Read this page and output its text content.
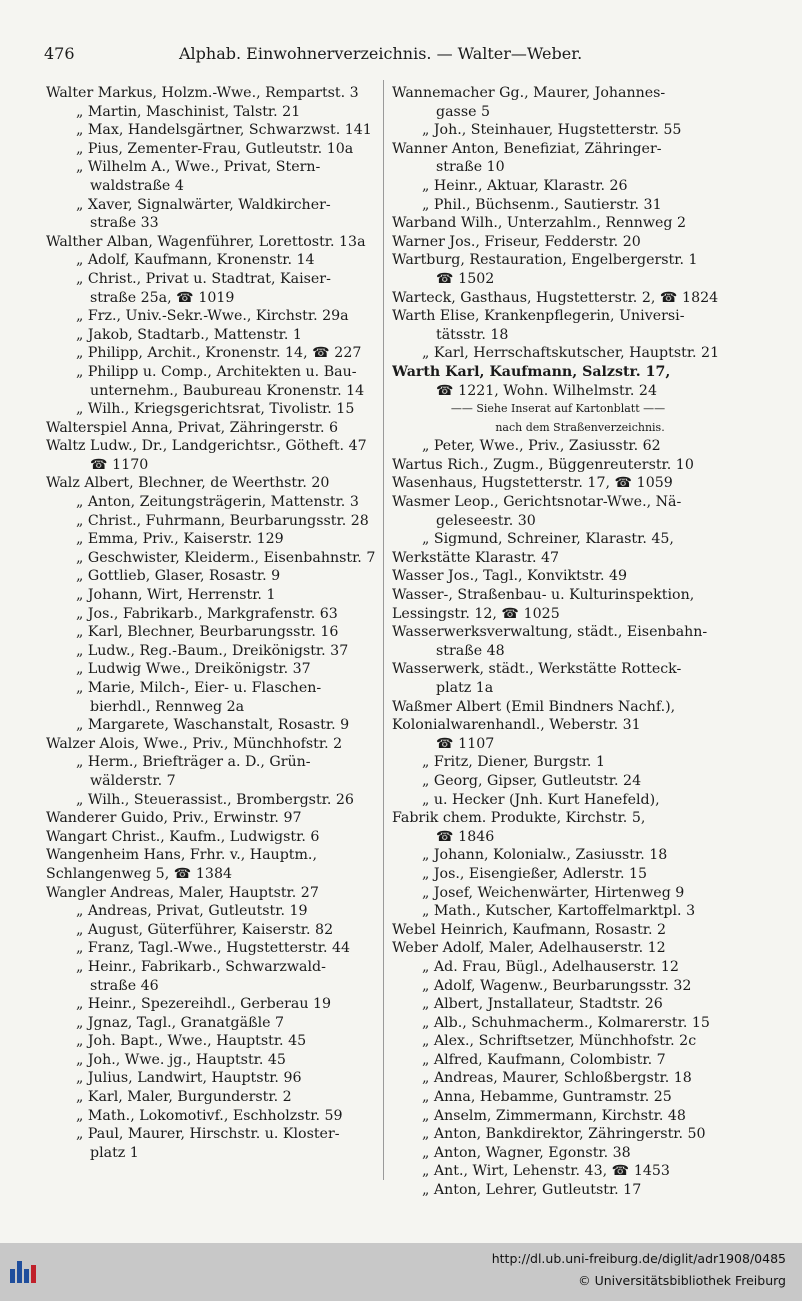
476	Alphab. Einwohnerverzeichnis. — Walter—Weber.
Walter Markus, Holzm.-Wwe., Rempartst. 3
„ Martin, Maschinist, Talstr. 21
„ Max, Handelsgärtner, Schwarzwst. 141
„ Pius, Zementer-Frau, Gutleutstr. 10a
„ Wilhelm A., Wwe., Privat, Stern-
waldstraße 4
„ Xaver, Signalwärter, Waldkircher-
straße 33
Walther Alban, Wagenführer, Lorettostr. 13a
„ Adolf, Kaufmann, Kronenstr. 14
„ Christ., Privat u. Stadtrat, Kaiser-
straße 25a, ☎ 1019
„ Frz., Univ.-Sekr.-Wwe., Kirchstr. 29a
„ Jakob, Stadtarb., Mattenstr. 1
„ Philipp, Archit., Kronenstr. 14, ☎ 227
„ Philipp u. Comp., Architekten u. Bau-
unternehm., Baubureau Kronenstr. 14
„ Wilh., Kriegsgerichtsrat, Tivolistr. 15
Walterspiel Anna, Privat, Zähringerstr. 6
Waltz Ludw., Dr., Landgerichtsr., Götheft. 47
☎ 1170
Walz Albert, Blechner, de Weerthstr. 20
„ Anton, Zeitungsträgerin, Mattenstr. 3
„ Christ., Fuhrmann, Beurbarungsstr. 28
„ Emma, Priv., Kaiserstr. 129
„ Geschwister, Kleiderm., Eisenbahnstr. 7
„ Gottlieb, Glaser, Rosastr. 9
„ Johann, Wirt, Herrenstr. 1
„ Jos., Fabrikarb., Markgrafenstr. 63
„ Karl, Blechner, Beurbarungsstr. 16
„ Ludw., Reg.-Baum., Dreikönigstr. 37
„ Ludwig Wwe., Dreikönigstr. 37
„ Marie, Milch-, Eier- u. Flaschen-
bierhdl., Rennweg 2a
„ Margarete, Waschanstalt, Rosastr. 9
Walzer Alois, Wwe., Priv., Münchhofstr. 2
„ Herm., Briefträger a. D., Grün-
wälderstr. 7
„ Wilh., Steuerassist., Brombergstr. 26
Wanderer Guido, Priv., Erwinstr. 97
Wangart Christ., Kaufm., Ludwigstr. 6
Wangenheim Hans, Frhr. v., Hauptm.,
Schlangenweg 5, ☎ 1384
Wangler Andreas, Maler, Hauptstr. 27
„ Andreas, Privat, Gutleutstr. 19
„ August, Güterführer, Kaiserstr. 82
„ Franz, Tagl.-Wwe., Hugstetterstr. 44
„ Heinr., Fabrikarb., Schwarzwald-
straße 46
„ Heinr., Spezereihdl., Gerberau 19
„ Jgnaz, Tagl., Granatgäßle 7
„ Joh. Bapt., Wwe., Hauptstr. 45
„ Joh., Wwe. jg., Hauptstr. 45
„ Julius, Landwirt, Hauptstr. 96
„ Karl, Maler, Burgunderstr. 2
„ Math., Lokomotivf., Eschholzstr. 59
„ Paul, Maurer, Hirschstr. u. Kloster-
platz 1
Wannemacher Gg., Maurer, Johannes-
gasse 5
„ Joh., Steinhauer, Hugstetterstr. 55
Wanner Anton, Benefiziat, Zähringer-
straße 10
„ Heinr., Aktuar, Klarastr. 26
„ Phil., Büchsenm., Sautierstr. 31
Warband Wilh., Unterzahlm., Rennweg 2
Warner Jos., Friseur, Fedderstr. 20
Wartburg, Restauration, Engelbergerstr. 1
☎ 1502
Warteck, Gasthaus, Hugstetterstr. 2, ☎ 1824
Warth Elise, Krankenpflegerin, Universi-
tätsstr. 18
„ Karl, Herrschaftskutscher, Hauptstr. 21
Warth Karl, Kaufmann, Salzstr. 17,
☎ 1221, Wohn. Wilhelmstr. 24
—— Siehe Inserat auf Kartonblatt ——
nach dem Straßenverzeichnis.
„ Peter, Wwe., Priv., Zasiusstr. 62
Wartus Rich., Zugm., Büggenreuterstr. 10
Wasenhaus, Hugstetterstr. 17, ☎ 1059
Wasmer Leop., Gerichtsnotar-Wwe., Nä-
geleseestr. 30
„ Sigmund, Schreiner, Klarastr. 45,
Werkstätte Klarastr. 47
Wasser Jos., Tagl., Konviktstr. 49
Wasser-, Straßenbau- u. Kulturinspektion,
Lessingstr. 12, ☎ 1025
Wasserwerksverwaltung, städt., Eisenbahn-
straße 48
Wasserwerk, städt., Werkstätte Rotteck-
platz 1a
Waßmer Albert (Emil Bindners Nachf.),
Kolonialwarenhandl., Weberstr. 31
☎ 1107
„ Fritz, Diener, Burgstr. 1
„ Georg, Gipser, Gutleutstr. 24
„ u. Hecker (Jnh. Kurt Hanefeld),
Fabrik chem. Produkte, Kirchstr. 5,
☎ 1846
„ Johann, Kolonialw., Zasiusstr. 18
„ Jos., Eisengießer, Adlerstr. 15
„ Josef, Weichenwärter, Hirtenweg 9
„ Math., Kutscher, Kartoffelmarktpl. 3
Webel Heinrich, Kaufmann, Rosastr. 2
Weber Adolf, Maler, Adelhauserstr. 12
„ Ad. Frau, Bügl., Adelhauserstr. 12
„ Adolf, Wagenw., Beurbarungsstr. 32
„ Albert, Jnstallateur, Stadtstr. 26
„ Alb., Schuhmacherm., Kolmarerstr. 15
„ Alex., Schriftsetzer, Münchhofstr. 2c
„ Alfred, Kaufmann, Colombistr. 7
„ Andreas, Maurer, Schloßbergstr. 18
„ Anna, Hebamme, Guntramstr. 25
„ Anselm, Zimmermann, Kirchstr. 48
„ Anton, Bankdirektor, Zähringerstr. 50
„ Anton, Wagner, Egonstr. 38
„ Ant., Wirt, Lehenstr. 43, ☎ 1453
„ Anton, Lehrer, Gutleutstr. 17
http://dl.ub.uni-freiburg.de/diglit/adr1908/0485
© Universitätsbibliothek Freiburg
